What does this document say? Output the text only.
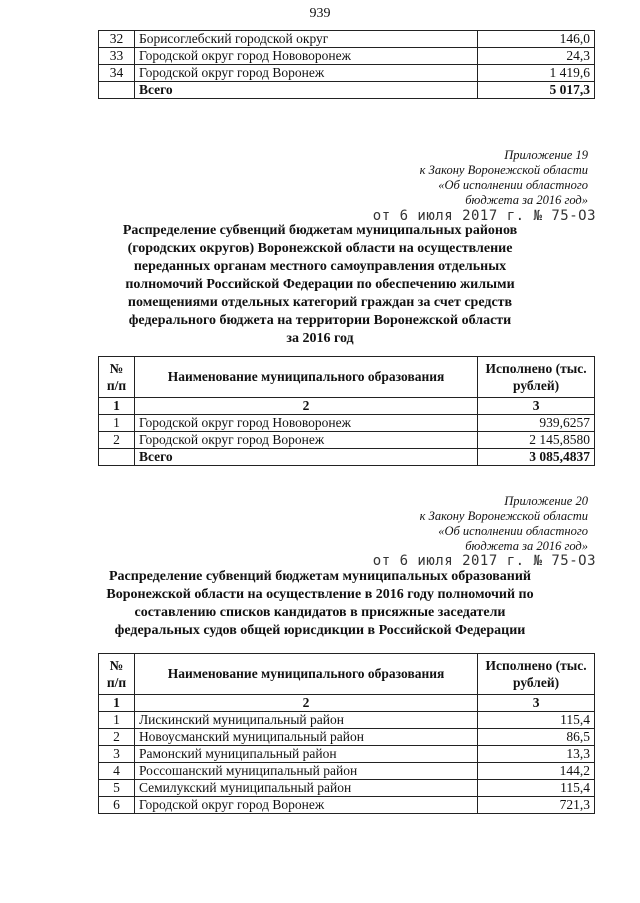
939
32	Борисоглебский городской округ	146,0
33	Городской округ город Нововоронеж	24,3
34	Городской округ город Воронеж	1 419,6
	Всего	5 017,3
Приложение 19
к Закону Воронежской области
«Об исполнении областного
бюджета за 2016 год»
от 6 июля 2017 г. № 75-ОЗ
Распределение субвенций бюджетам муниципальных районов
(городских округов) Воронежской области на осуществление
переданных органам местного самоуправления отдельных
полномочий Российской Федерации по обеспечению жилыми
помещениями отдельных категорий граждан за счет средств
федерального бюджета на территории Воронежской области
за 2016 год
№ п/п	Наименование муниципального образования	Исполнено (тыс. рублей)
1	2	3
1	Городской округ город Нововоронеж	939,6257
2	Городской округ город Воронеж	2 145,8580
	Всего	3 085,4837
Приложение 20
к Закону Воронежской области
«Об исполнении областного
бюджета за 2016 год»
от 6 июля 2017 г. № 75-ОЗ
Распределение субвенций бюджетам муниципальных образований
Воронежской области на осуществление в 2016 году полномочий по
составлению списков кандидатов в присяжные заседатели
федеральных судов общей юрисдикции в Российской Федерации
№ п/п	Наименование муниципального образования	Исполнено (тыс. рублей)
1	2	3
1	Лискинский муниципальный район	115,4
2	Новоусманский муниципальный район	86,5
3	Рамонский муниципальный район	13,3
4	Россошанский муниципальный район	144,2
5	Семилукский муниципальный район	115,4
6	Городской округ город Воронеж	721,3
